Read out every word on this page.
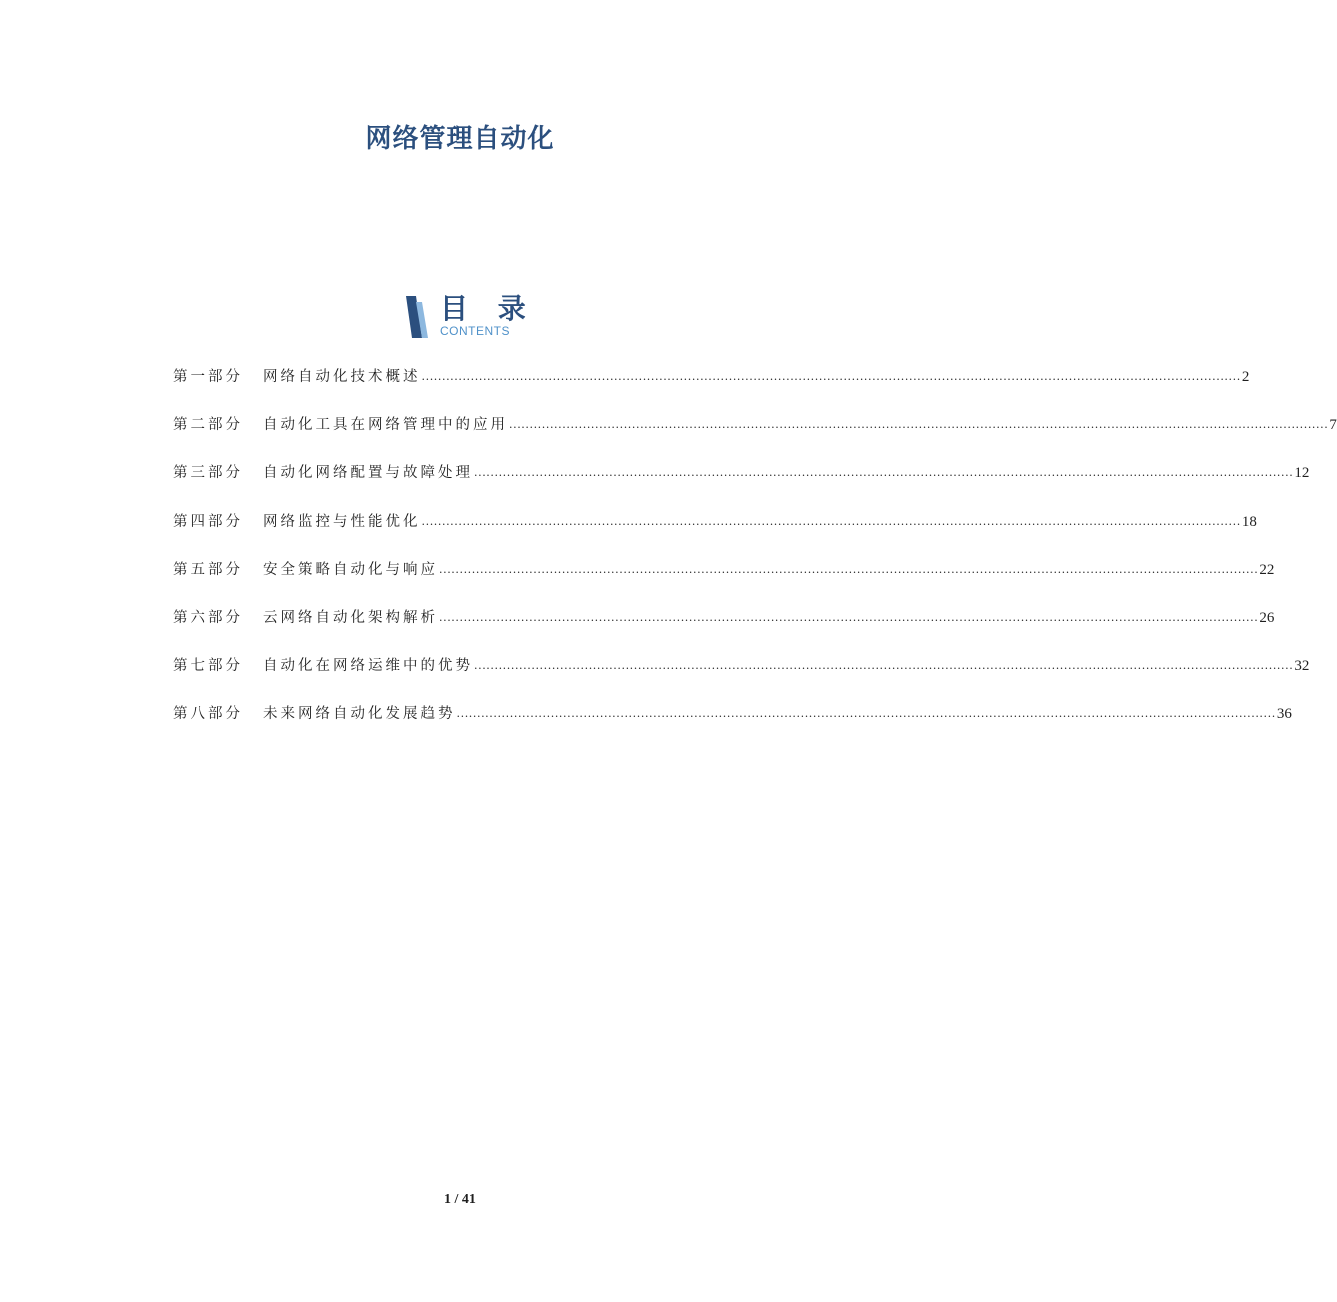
网络管理自动化
目 录
CONTENTS
第一部分 网络自动化技术概述 ........................................................................................................................................................................................................ 2
第二部分 自动化工具在网络管理中的应用 ........................................................................................................................................................................................................ 7
第三部分 自动化网络配置与故障处理 ........................................................................................................................................................................................................ 12
第四部分 网络监控与性能优化 ........................................................................................................................................................................................................ 18
第五部分 安全策略自动化与响应 ........................................................................................................................................................................................................ 22
第六部分 云网络自动化架构解析 ........................................................................................................................................................................................................ 26
第七部分 自动化在网络运维中的优势 ........................................................................................................................................................................................................ 32
第八部分 未来网络自动化发展趋势 ........................................................................................................................................................................................................ 36
1 / 41
